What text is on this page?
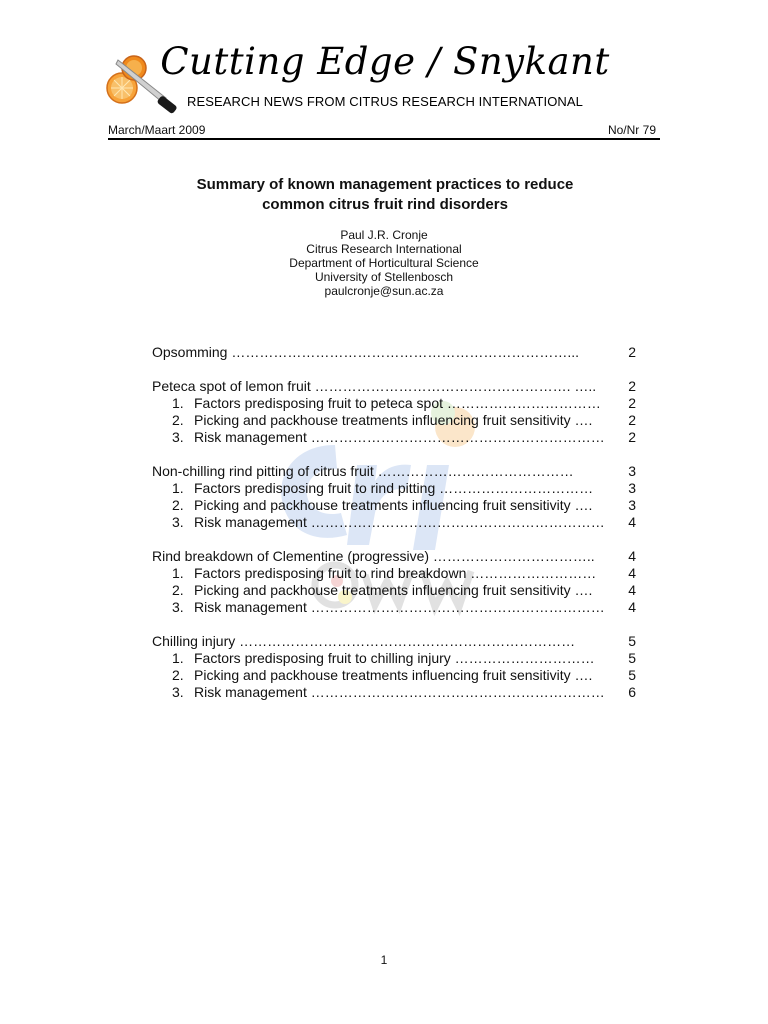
Cutting Edge / Snykant
RESEARCH NEWS FROM CITRUS RESEARCH INTERNATIONAL
March/Maart 2009	No/Nr 79
Summary of known management practices to reduce
common citrus fruit rind disorders
Paul J.R. Cronje
Citrus Research International
Department of Horticultural Science
University of Stellenbosch
paulcronje@sun.ac.za
Opsomming ………………………………………………………………...	2
Peteca spot of lemon fruit ………………………………………………. ….. 2
1. Factors predisposing fruit to peteca spot …………………………… 2
2. Picking and packhouse treatments influencing fruit sensitivity ….	2
3. Risk management ……………………………………………………… 2
Non-chilling rind pitting of citrus fruit ……………………………………	3
1. Factors predisposing fruit to rind pitting ……………………………	3
2. Picking and packhouse treatments influencing fruit sensitivity ….	3
3. Risk management ……………………………………………………… 4
Rind breakdown of Clementine (progressive) …………………………….. 4
1. Factors predisposing fruit to rind breakdown ……………………… 4
2. Picking and packhouse treatments influencing fruit sensitivity ….	4
3. Risk management ……………………………………………………… 4
Chilling injury ………………………………………………………………	5
1. Factors predisposing fruit to chilling injury ………………………… 5
2. Picking and packhouse treatments influencing fruit sensitivity ….	5
3. Risk management ……………………………………………………… 6
1
